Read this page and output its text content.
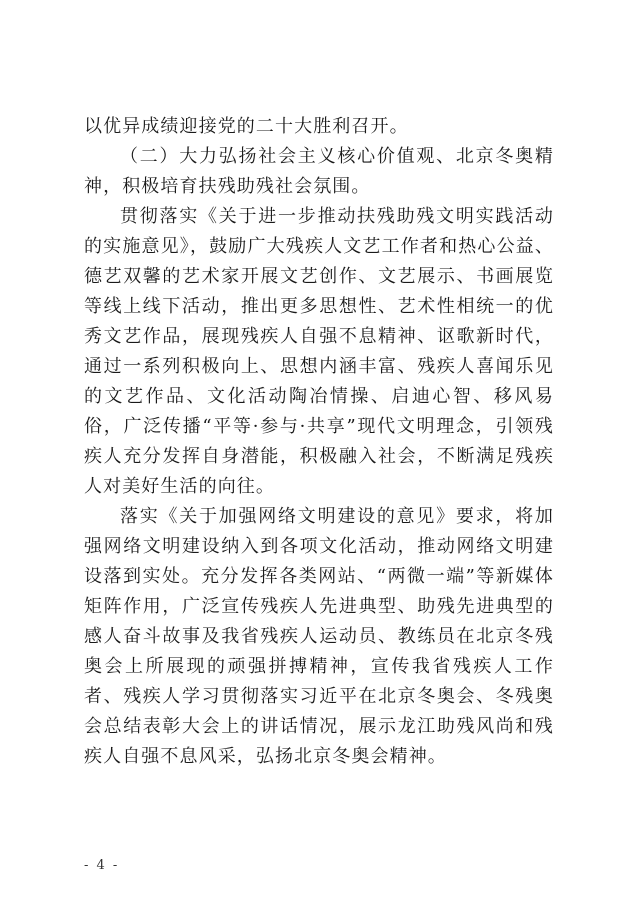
以优异成绩迎接党的二十大胜利召开。

（二）大力弘扬社会主义核心价值观、北京冬奥精神，积极培育扶残助残社会氛围。

贯彻落实《关于进一步推动扶残助残文明实践活动的实施意见》，鼓励广大残疾人文艺工作者和热心公益、德艺双馨的艺术家开展文艺创作、文艺展示、书画展览等线上线下活动，推出更多思想性、艺术性相统一的优秀文艺作品，展现残疾人自强不息精神、讴歌新时代，通过一系列积极向上、思想内涵丰富、残疾人喜闻乐见的文艺作品、文化活动陶冶情操、启迪心智、移风易俗，广泛传播“平等·参与·共享”现代文明理念，引领残疾人充分发挥自身潜能，积极融入社会，不断满足残疾人对美好生活的向往。

落实《关于加强网络文明建设的意见》要求，将加强网络文明建设纳入到各项文化活动，推动网络文明建设落到实处。充分发挥各类网站、“两微一端”等新媒体矩阵作用，广泛宣传残疾人先进典型、助残先进典型的感人奋斗故事及我省残疾人运动员、教练员在北京冬残奥会上所展现的顽强拼搏精神，宣传我省残疾人工作者、残疾人学习贯彻落实习近平在北京冬奥会、冬残奥会总结表彰大会上的讲话情况，展示龙江助残风尚和残疾人自强不息风采，弘扬北京冬奥会精神。

- 4 -
